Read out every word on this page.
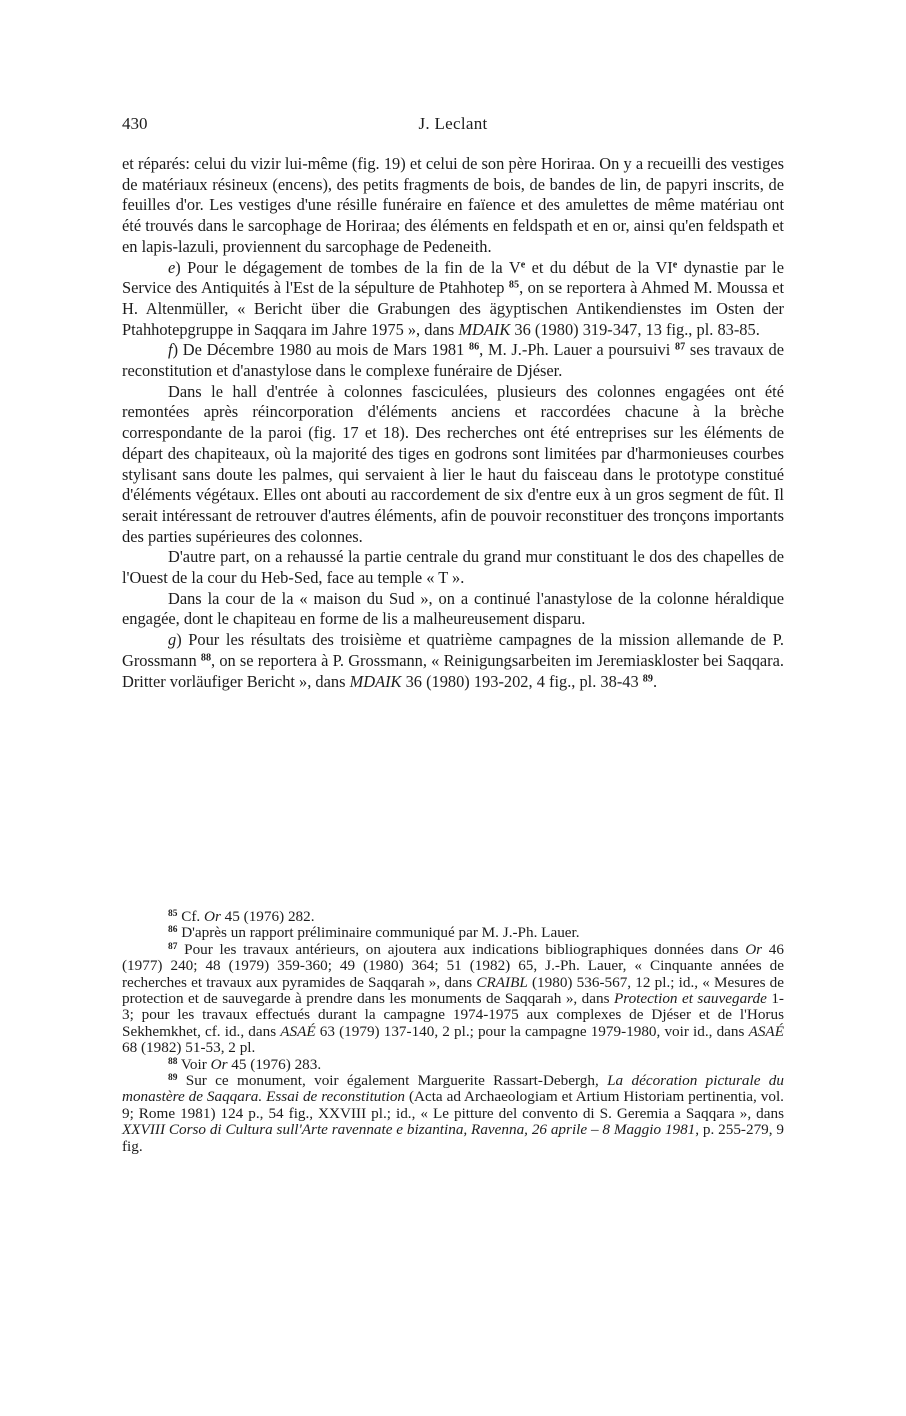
430	J. Leclant

et réparés: celui du vizir lui-même (fig. 19) et celui de son père Horiraa. On y a recueilli des vestiges de matériaux résineux (encens), des petits fragments de bois, de bandes de lin, de papyri inscrits, de feuilles d'or. Les vestiges d'une résille funéraire en faïence et des amulettes de même matériau ont été trouvés dans le sarcophage de Horiraa; des éléments en feldspath et en or, ainsi qu'en feldspath et en lapis-lazuli, proviennent du sarcophage de Pedeneith.

e) Pour le dégagement de tombes de la fin de la Ve et du début de la VIe dynastie par le Service des Antiquités à l'Est de la sépulture de Ptahhotep $^{85}$, on se reportera à Ahmed M. Moussa et H. Altenmüller, « Bericht über die Grabungen des ägyptischen Antikendienstes im Osten der Ptahhotepgruppe in Saqqara im Jahre 1975 », dans MDAIK 36 (1980) 319-347, 13 fig., pl. 83-85.

f) De Décembre 1980 au mois de Mars 1981 $^{86}$, M. J.-Ph. Lauer a poursuivi $^{87}$ ses travaux de reconstitution et d'anastylose dans le complexe funéraire de Djéser.

Dans le hall d'entrée à colonnes fasciculées, plusieurs des colonnes engagées ont été remontées après réincorporation d'éléments anciens et raccordées chacune à la brèche correspondante de la paroi (fig. 17 et 18). Des recherches ont été entreprises sur les éléments de départ des chapiteaux, où la majorité des tiges en godrons sont limitées par d'harmonieuses courbes stylisant sans doute les palmes, qui servaient à lier le haut du faisceau dans le prototype constitué d'éléments végétaux. Elles ont abouti au raccordement de six d'entre eux à un gros segment de fût. Il serait intéressant de retrouver d'autres éléments, afin de pouvoir reconstituer des tronçons importants des parties supérieures des colonnes.

D'autre part, on a rehaussé la partie centrale du grand mur constituant le dos des chapelles de l'Ouest de la cour du Heb-Sed, face au temple « T ».

Dans la cour de la « maison du Sud », on a continué l'anastylose de la colonne héraldique engagée, dont le chapiteau en forme de lis a malheureusement disparu.

g) Pour les résultats des troisième et quatrième campagnes de la mission allemande de P. Grossmann $^{88}$, on se reportera à P. Grossmann, « Reinigungsarbeiten im Jeremiaskloster bei Saqqara. Dritter vorläufiger Bericht », dans MDAIK 36 (1980) 193-202, 4 fig., pl. 38-43 $^{89}$.

$^{85}$ Cf. Or 45 (1976) 282.

$^{86}$ D'après un rapport préliminaire communiqué par M. J.-Ph. Lauer.

$^{87}$ Pour les travaux antérieurs, on ajoutera aux indications bibliographiques données dans Or 46 (1977) 240; 48 (1979) 359-360; 49 (1980) 364; 51 (1982) 65, J.-Ph. Lauer, « Cinquante années de recherches et travaux aux pyramides de Saqqarah », dans CRAIBL (1980) 536-567, 12 pl.; id., « Mesures de protection et de sauvegarde à prendre dans les monuments de Saqqarah », dans Protection et sauvegarde 1-3; pour les travaux effectués durant la campagne 1974-1975 aux complexes de Djéser et de l'Horus Sekhemkhet, cf. id., dans ASAÉ 63 (1979) 137-140, 2 pl.; pour la campagne 1979-1980, voir id., dans ASAÉ 68 (1982) 51-53, 2 pl.

$^{88}$ Voir Or 45 (1976) 283.

$^{89}$ Sur ce monument, voir également Marguerite Rassart-Debergh, La décoration picturale du monastère de Saqqara. Essai de reconstitution (Acta ad Archaeologiam et Artium Historiam pertinentia, vol. 9; Rome 1981) 124 p., 54 fig., XXVIII pl.; id., « Le pitture del convento di S. Geremia a Saqqara », dans XXVIII Corso di Cultura sull'Arte ravennate e bizantina, Ravenna, 26 aprile – 8 Maggio 1981, p. 255-279, 9 fig.
